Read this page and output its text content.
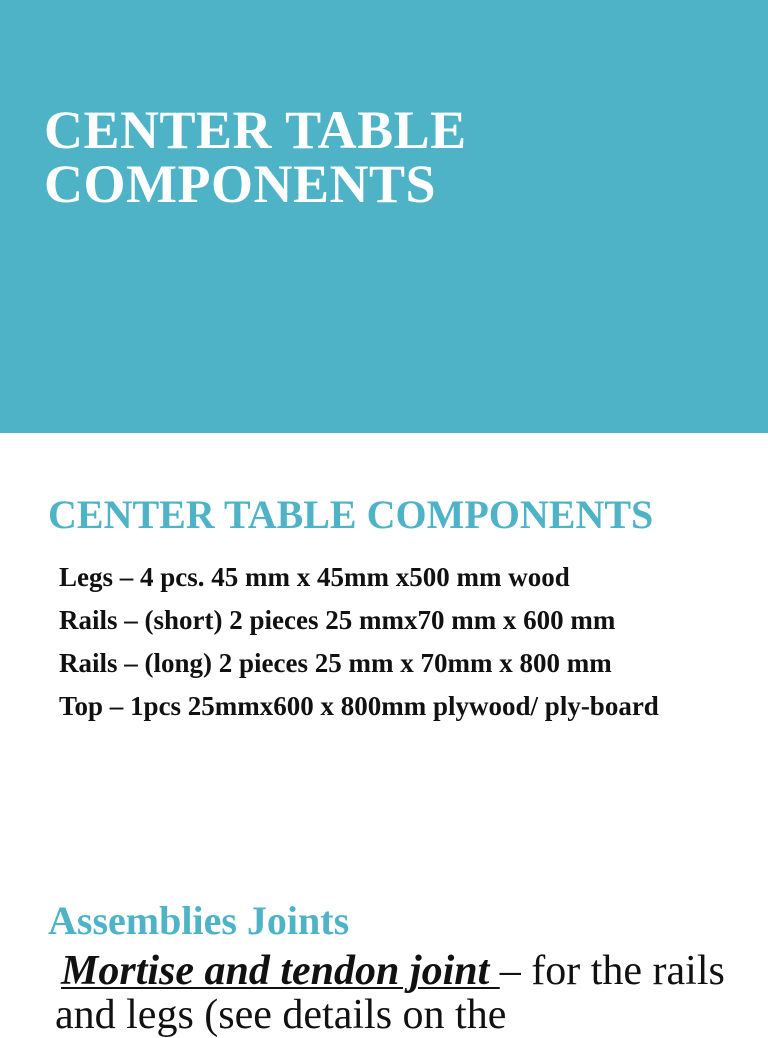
CENTER TABLE
COMPONENTS
CENTER TABLE COMPONENTS
Legs – 4 pcs. 45 mm x 45mm x500 mm wood
Rails – (short) 2 pieces 25 mmx70 mm x 600 mm
Rails – (long) 2 pieces 25 mm x 70mm x 800 mm
Top – 1pcs 25mmx600 x 800mm plywood/ ply-board
Assemblies Joints

Mortise and tendon joint – for the rails and legs (see details on the
